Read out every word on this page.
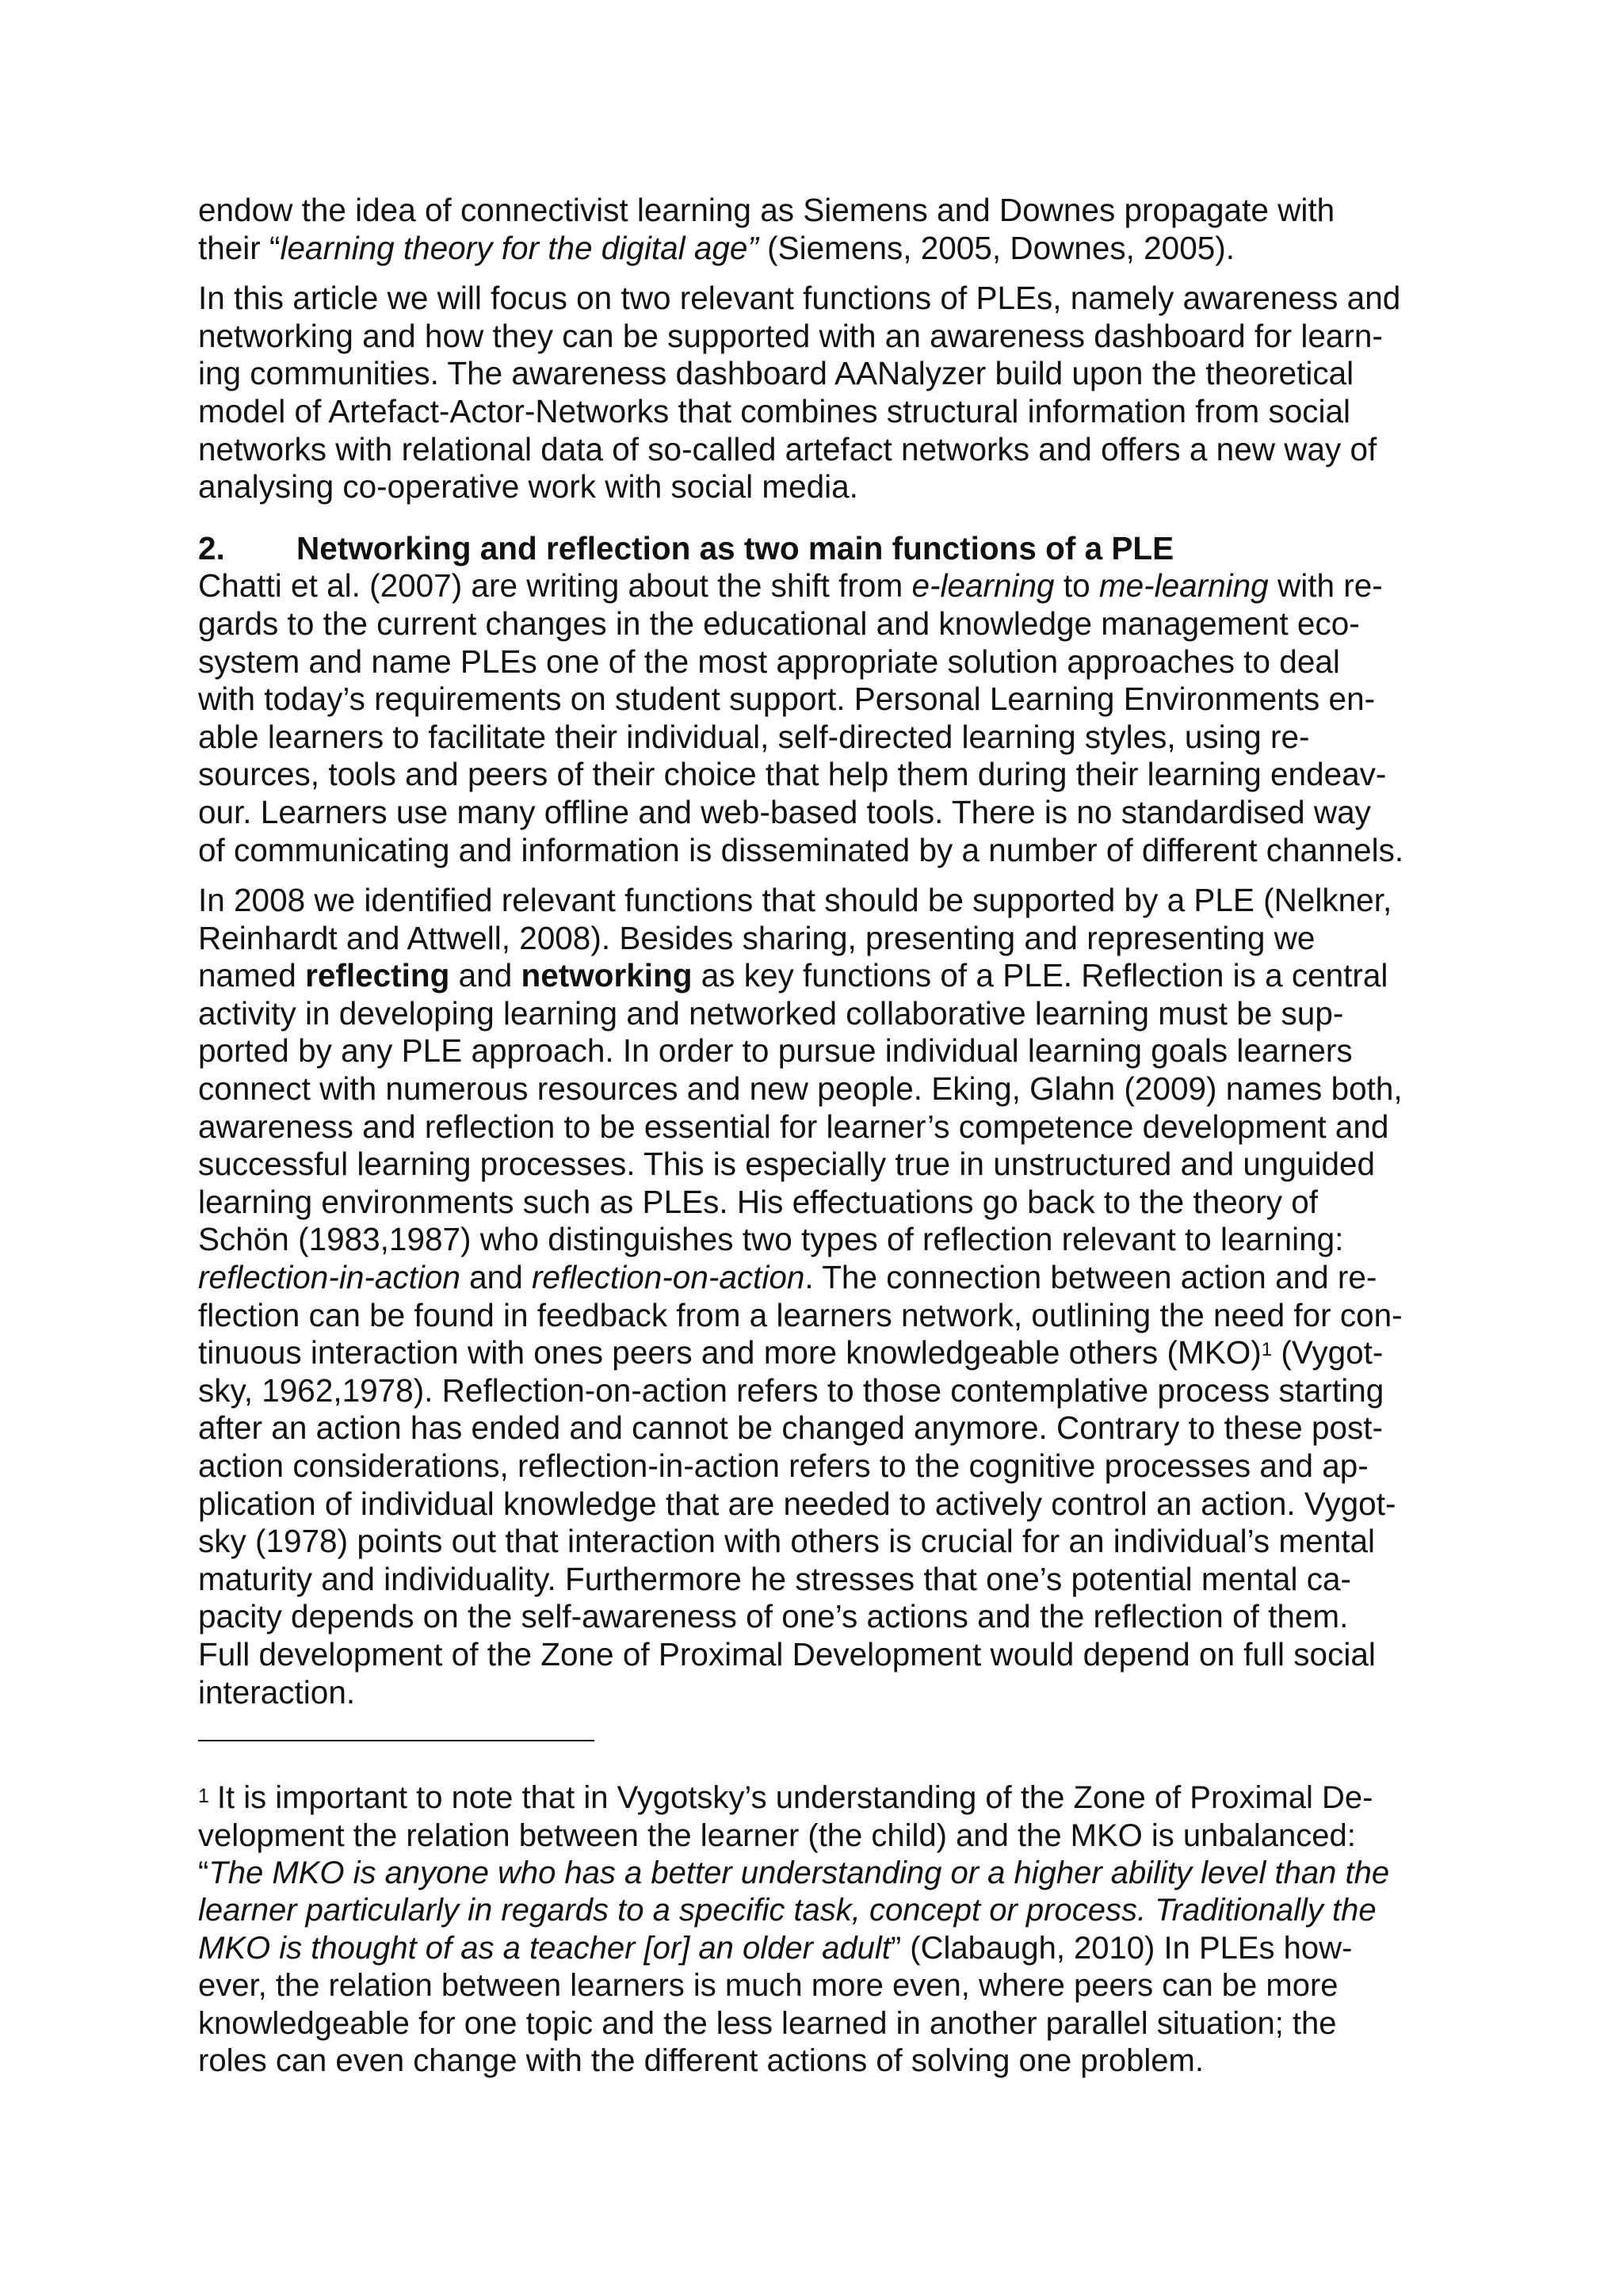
endow the idea of connectivist learning as Siemens and Downes propagate with
their “learning theory for the digital age” (Siemens, 2005, Downes, 2005).
In this article we will focus on two relevant functions of PLEs, namely awareness and
networking and how they can be supported with an awareness dashboard for learn-
ing communities. The awareness dashboard AANalyzer build upon the theoretical
model of Artefact-Actor-Networks that combines structural information from social
networks with relational data of so-called artefact networks and offers a new way of
analysing co-operative work with social media.
2. Networking and reflection as two main functions of a PLE
Chatti et al. (2007) are writing about the shift from e-learning to me-learning with re-
gards to the current changes in the educational and knowledge management eco-
system and name PLEs one of the most appropriate solution approaches to deal
with today’s requirements on student support. Personal Learning Environments en-
able learners to facilitate their individual, self-directed learning styles, using re-
sources, tools and peers of their choice that help them during their learning endeav-
our. Learners use many offline and web-based tools. There is no standardised way
of communicating and information is disseminated by a number of different channels.
In 2008 we identified relevant functions that should be supported by a PLE (Nelkner,
Reinhardt and Attwell, 2008). Besides sharing, presenting and representing we
named reflecting and networking as key functions of a PLE. Reflection is a central
activity in developing learning and networked collaborative learning must be sup-
ported by any PLE approach. In order to pursue individual learning goals learners
connect with numerous resources and new people. Eking, Glahn (2009) names both,
awareness and reflection to be essential for learner’s competence development and
successful learning processes. This is especially true in unstructured and unguided
learning environments such as PLEs. His effectuations go back to the theory of
Schön (1983,1987) who distinguishes two types of reflection relevant to learning:
reflection-in-action and reflection-on-action. The connection between action and re-
flection can be found in feedback from a learners network, outlining the need for con-
tinuous interaction with ones peers and more knowledgeable others (MKO)$^1$ (Vygot-
sky, 1962,1978). Reflection-on-action refers to those contemplative process starting
after an action has ended and cannot be changed anymore. Contrary to these post-
action considerations, reflection-in-action refers to the cognitive processes and ap-
plication of individual knowledge that are needed to actively control an action. Vygot-
sky (1978) points out that interaction with others is crucial for an individual’s mental
maturity and individuality. Furthermore he stresses that one’s potential mental ca-
pacity depends on the self-awareness of one’s actions and the reflection of them.
Full development of the Zone of Proximal Development would depend on full social
interaction.
$^1$ It is important to note that in Vygotsky’s understanding of the Zone of Proximal De-
velopment the relation between the learner (the child) and the MKO is unbalanced:
“The MKO is anyone who has a better understanding or a higher ability level than the
learner particularly in regards to a specific task, concept or process. Traditionally the
MKO is thought of as a teacher [or] an older adult” (Clabaugh, 2010) In PLEs how-
ever, the relation between learners is much more even, where peers can be more
knowledgeable for one topic and the less learned in another parallel situation; the
roles can even change with the different actions of solving one problem.
